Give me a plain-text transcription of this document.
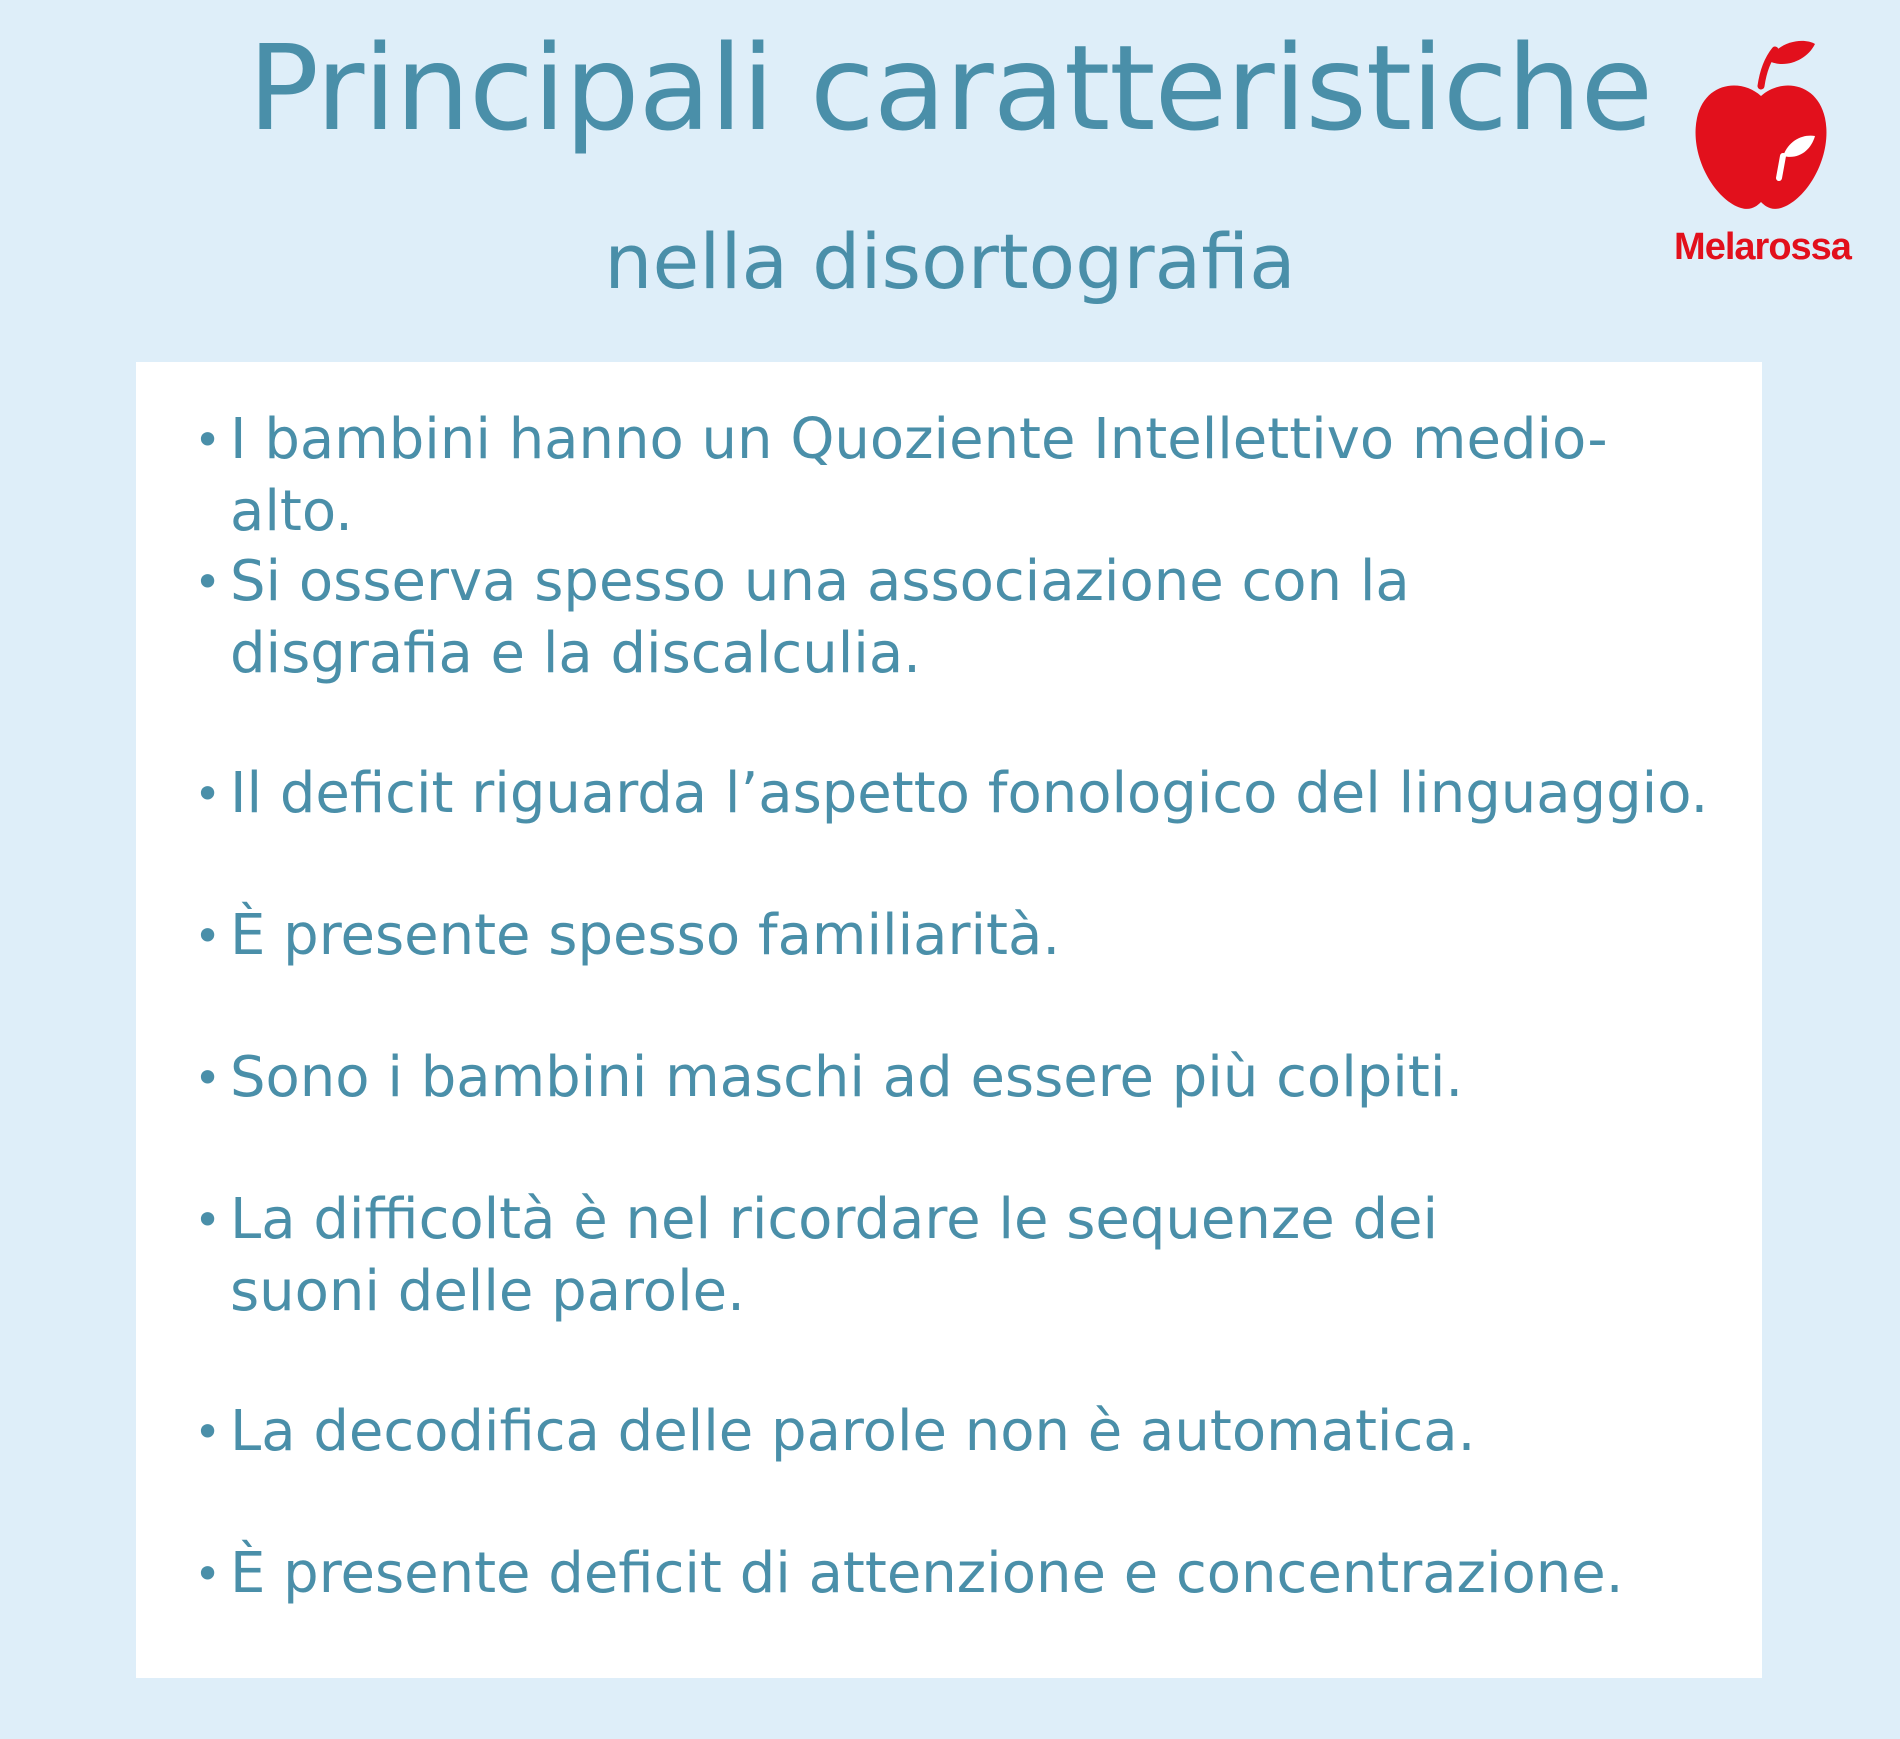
Principali caratteristiche
nella disortografia	Melarossa
• I bambini hanno un Quoziente Intellettivo medio-alto.
• Si osserva spesso una associazione con la disgrafia e la discalculia.
• Il deficit riguarda l’aspetto fonologico del linguaggio.
• È presente spesso familiarità.
• Sono i bambini maschi ad essere più colpiti.
• La difficoltà è nel ricordare le sequenze dei suoni delle parole.
• La decodifica delle parole non è automatica.
• È presente deficit di attenzione e concentrazione.
